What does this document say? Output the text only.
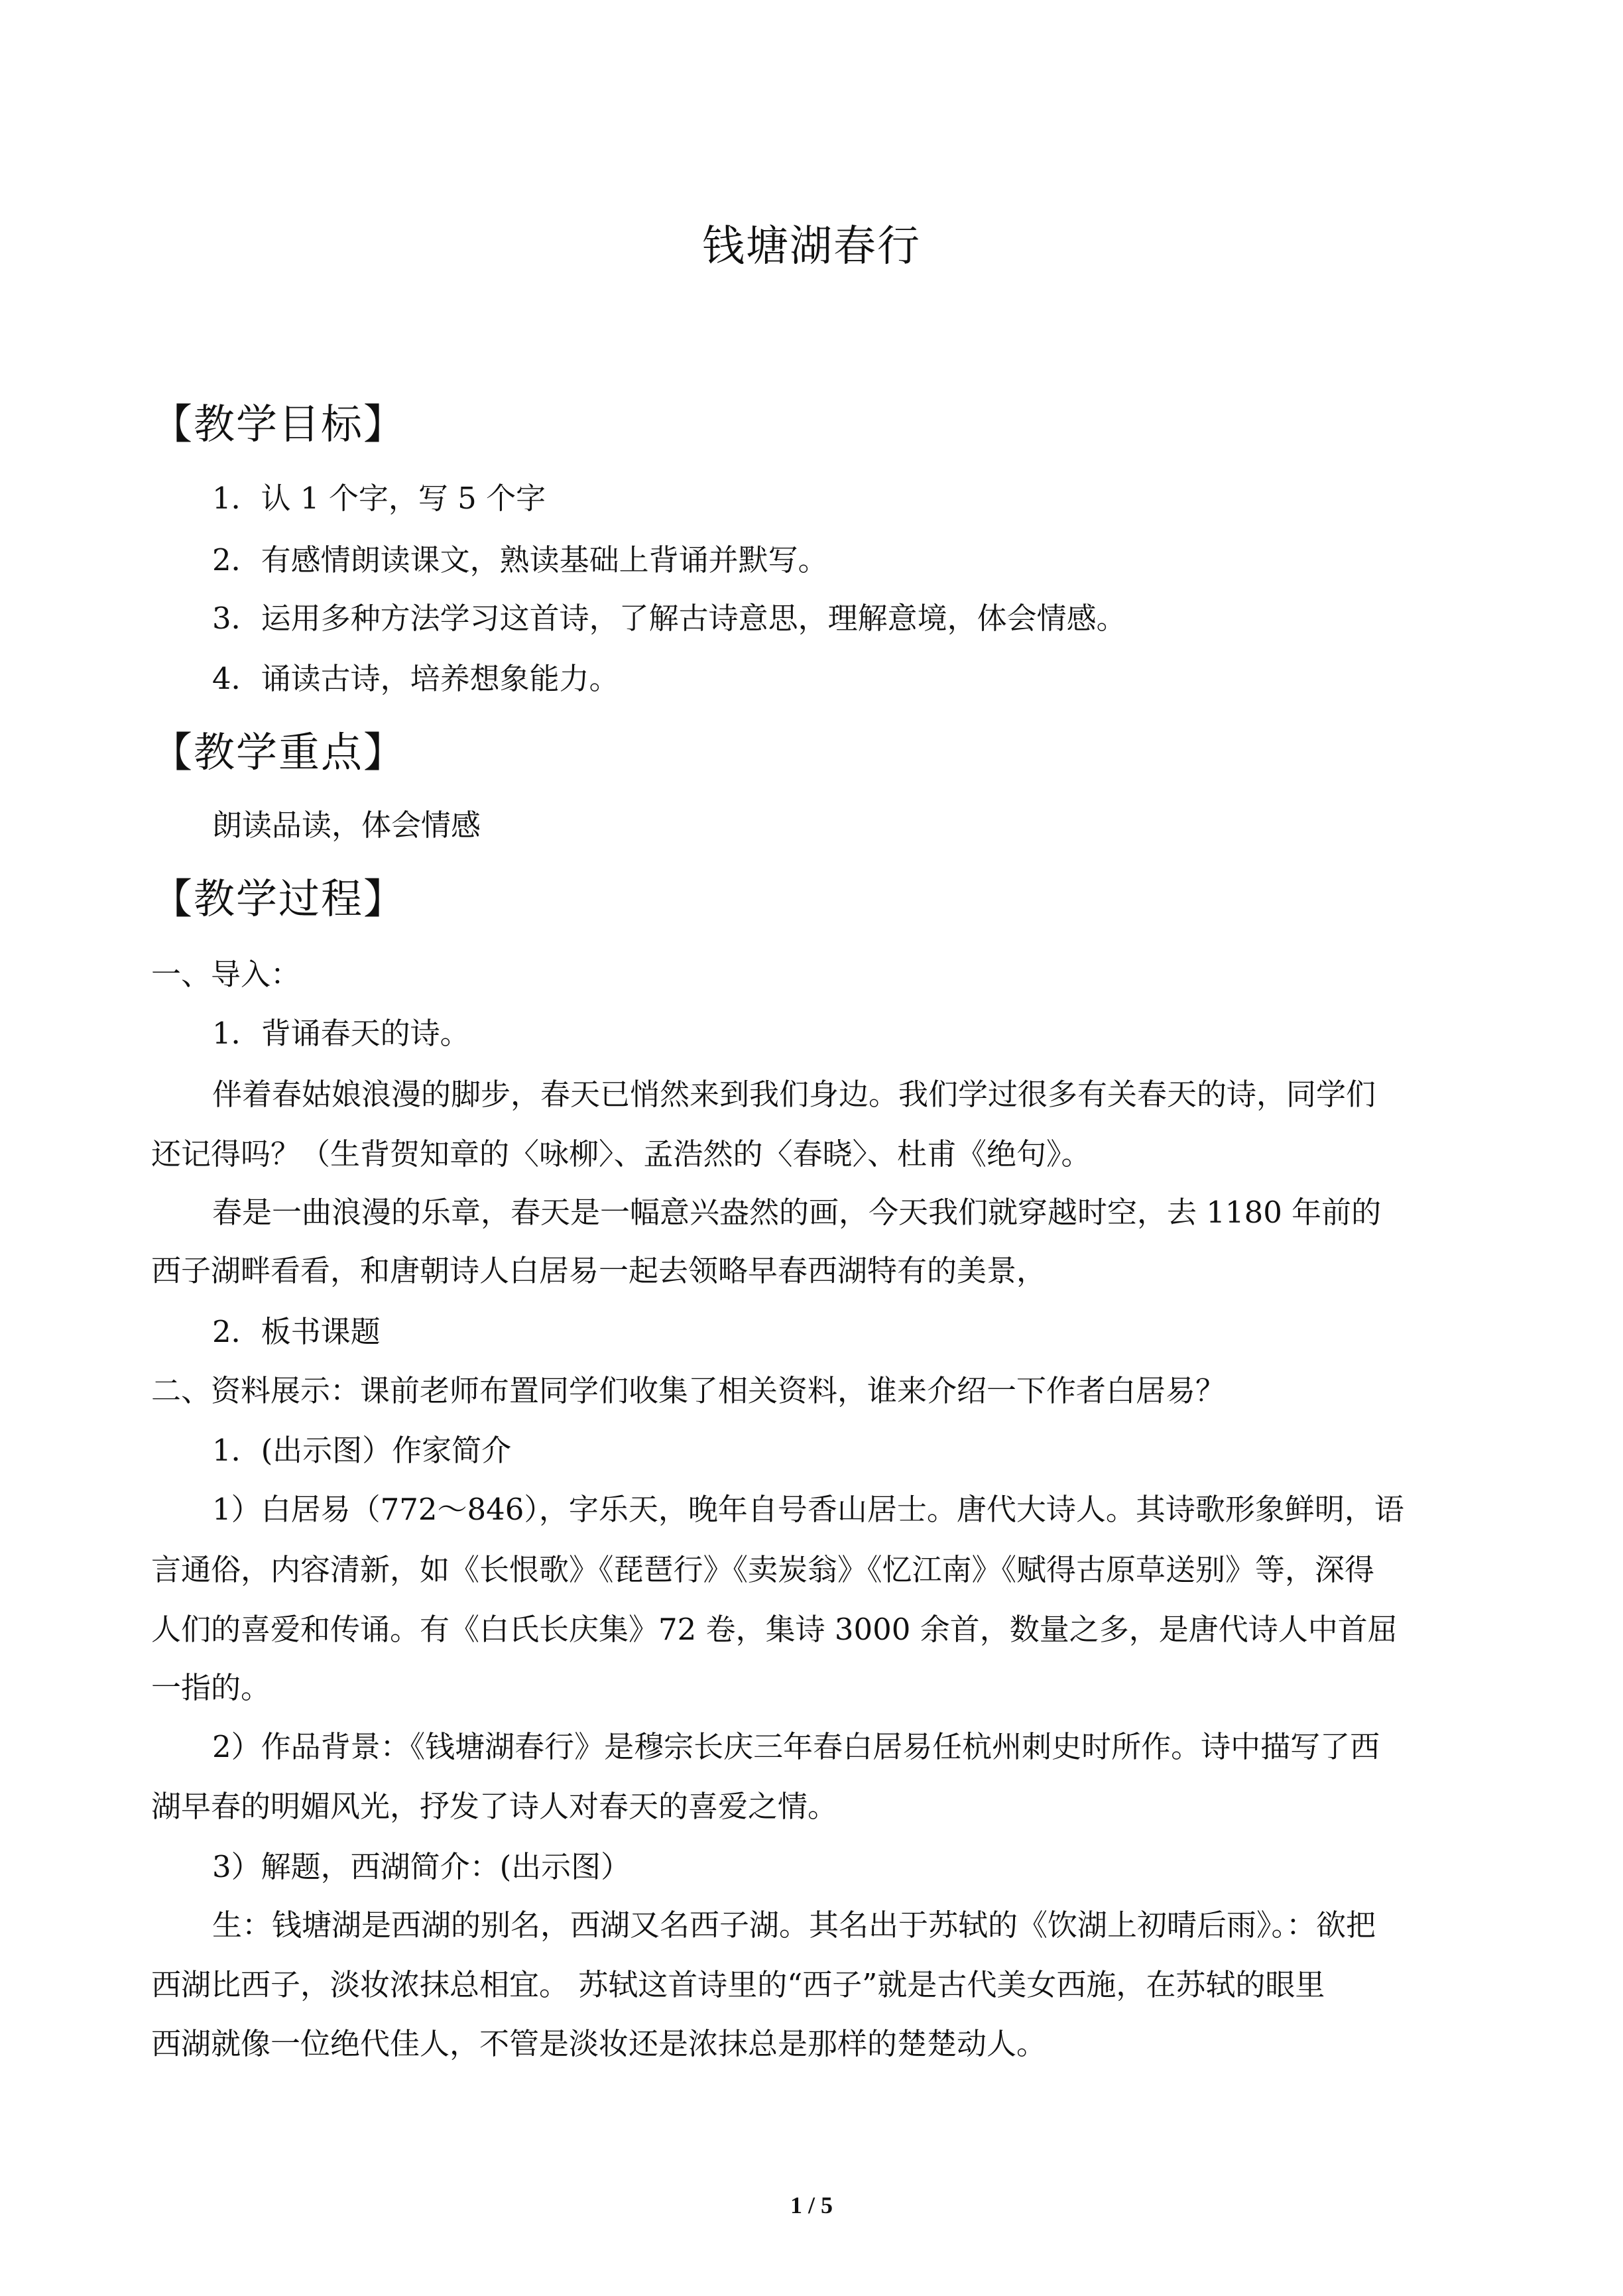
钱塘湖春行
【教学目标】
1．认 1 个字，写 5 个字
2．有感情朗读课文，熟读基础上背诵并默写。
3．运用多种方法学习这首诗，了解古诗意思，理解意境，体会情感。
4．诵读古诗，培养想象能力。
【教学重点】
朗读品读，体会情感
【教学过程】
一、导入：
1．背诵春天的诗。
伴着春姑娘浪漫的脚步，春天已悄然来到我们身边。我们学过很多有关春天的诗，同学们
还记得吗？（生背贺知章的〈咏柳〉、孟浩然的〈春晓〉、杜甫《绝句》。
春是一曲浪漫的乐章，春天是一幅意兴盎然的画，今天我们就穿越时空，去 1180 年前的
西子湖畔看看，和唐朝诗人白居易一起去领略早春西湖特有的美景，
2．板书课题
二、资料展示：课前老师布置同学们收集了相关资料，谁来介绍一下作者白居易？
1．(出示图）作家简介
1）白居易（772～846），字乐天，晚年自号香山居士。唐代大诗人。其诗歌形象鲜明，语
言通俗，内容清新，如《长恨歌》《琵琶行》《卖炭翁》《忆江南》《赋得古原草送别》等，深得
人们的喜爱和传诵。有《白氏长庆集》72 卷，集诗 3000 余首，数量之多，是唐代诗人中首屈
一指的。
2）作品背景：《钱塘湖春行》是穆宗长庆三年春白居易任杭州刺史时所作。诗中描写了西
湖早春的明媚风光，抒发了诗人对春天的喜爱之情。
3）解题，西湖简介：(出示图）
生：钱塘湖是西湖的别名，西湖又名西子湖。其名出于苏轼的《饮湖上初晴后雨》。：欲把
西湖比西子，淡妆浓抹总相宜。 苏轼这首诗里的“西子”就是古代美女西施，在苏轼的眼里
西湖就像一位绝代佳人，不管是淡妆还是浓抹总是那样的楚楚动人。
1 / 5
